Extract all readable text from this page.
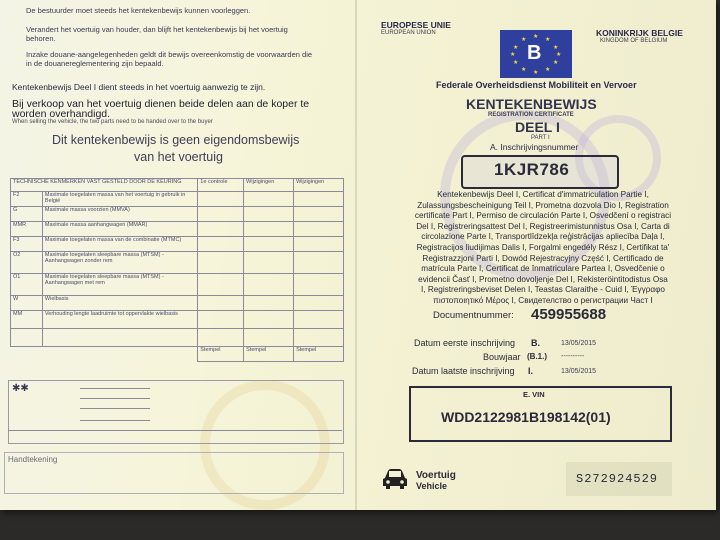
De bestuurder moet steeds het kentekenbewijs kunnen voorleggen.
Verandert het voertuig van houder, dan blijft het kentekenbewijs bij het voertuig
behoren.
Inzake douane-aangelegenheden geldt dit bewijs overeenkomstig de voorwaarden die
in de douanereglementering zijn bepaald.
Kentekenbewijs Deel I dient steeds in het voertuig aanwezig te zijn.
Bij verkoop van het voertuig dienen beide delen aan de koper te
worden overhandigd.
When selling the vehicle, the two parts need to be handed over to the buyer
Dit kentekenbewijs is geen eigendomsbewijs
van het voertuig
TECHNISCHE KENMERKEN VAST GESTELD DOOR DE KEURING		1e controle	Wijzigingen	Wijzigingen
F2	Maximale toegelaten massa van het voertuig in gebruik in België			
G	Maximale massa voorzien (MMVA)			
MMR	Maximale massa aanhangwagen (MMAR)			
F3	Maximale toegelaten massa van de combinatie (MTMC)			
O2	Maximale toegelaten sleepbare massa (MTSM) - Aanhangwagen zonder rem			
O1	Maximale toegelaten sleepbare massa (MTSM) - Aanhangwagen met rem			
W	Wielbasis			
MM	Verhouding lengte laadruimte tot oppervlakte wielbasis			

		Stempel	Stempel	Stempel
✱✱
Handtekening
EUROPESE UNIE
EUROPEAN UNION
★ ★
★
★
★
★
★
★
★
★
★
★
B
KONINKRIJK BELGIE
KINGDOM OF BELGIUM
Federale Overheidsdienst Mobiliteit en Vervoer
KENTEKENBEWIJS
REGISTRATION CERTIFICATE
DEEL I
PART I
A. Inschrijvingsnummer
1KJR786
Kentekenbewijs Deel I, Certificat d'immatriculation Partie I,
Zulassungsbescheinigung Teil I, Prometna dozvola Dio I, Registration
certificate Part I, Permiso de circulación Parte I, Osvedčení o registraci
Del I, Registreringsattest Del I, Registreerimistunnistus Osa I, Carta di
circolazione Parte I, Transportlīdzekļa reģistrācijas apliecība Daļa I,
Registracijos liudijimas Dalis I, Forgalmi engedély Rész I, Certifikat ta'
Reġistrazzjoni Parti I, Dowód Rejestracyjny Część I, Certificado de
matrícula Parte I, Certificat de înmatriculare Partea I, Osvedčenie o
evidencii Časť I, Prometno dovoljenje Del I, Rekisteröintitodistus Osa
I, Registreringsbeviset Delen I, Teastas Claraithe - Cuid I, Έγγραφο
πιστοποιητικό Μέρος I, Свидетелство о регистрации Част I
Documentnummer: 459955688
Datum eerste inschrijving B.	13/05/2015
Bouwjaar (B.1.) ----------
Datum laatste inschrijving I.	13/05/2015
E. VIN
WDD2122981B198142(01)
Voertuig
Vehicle	S272924529
